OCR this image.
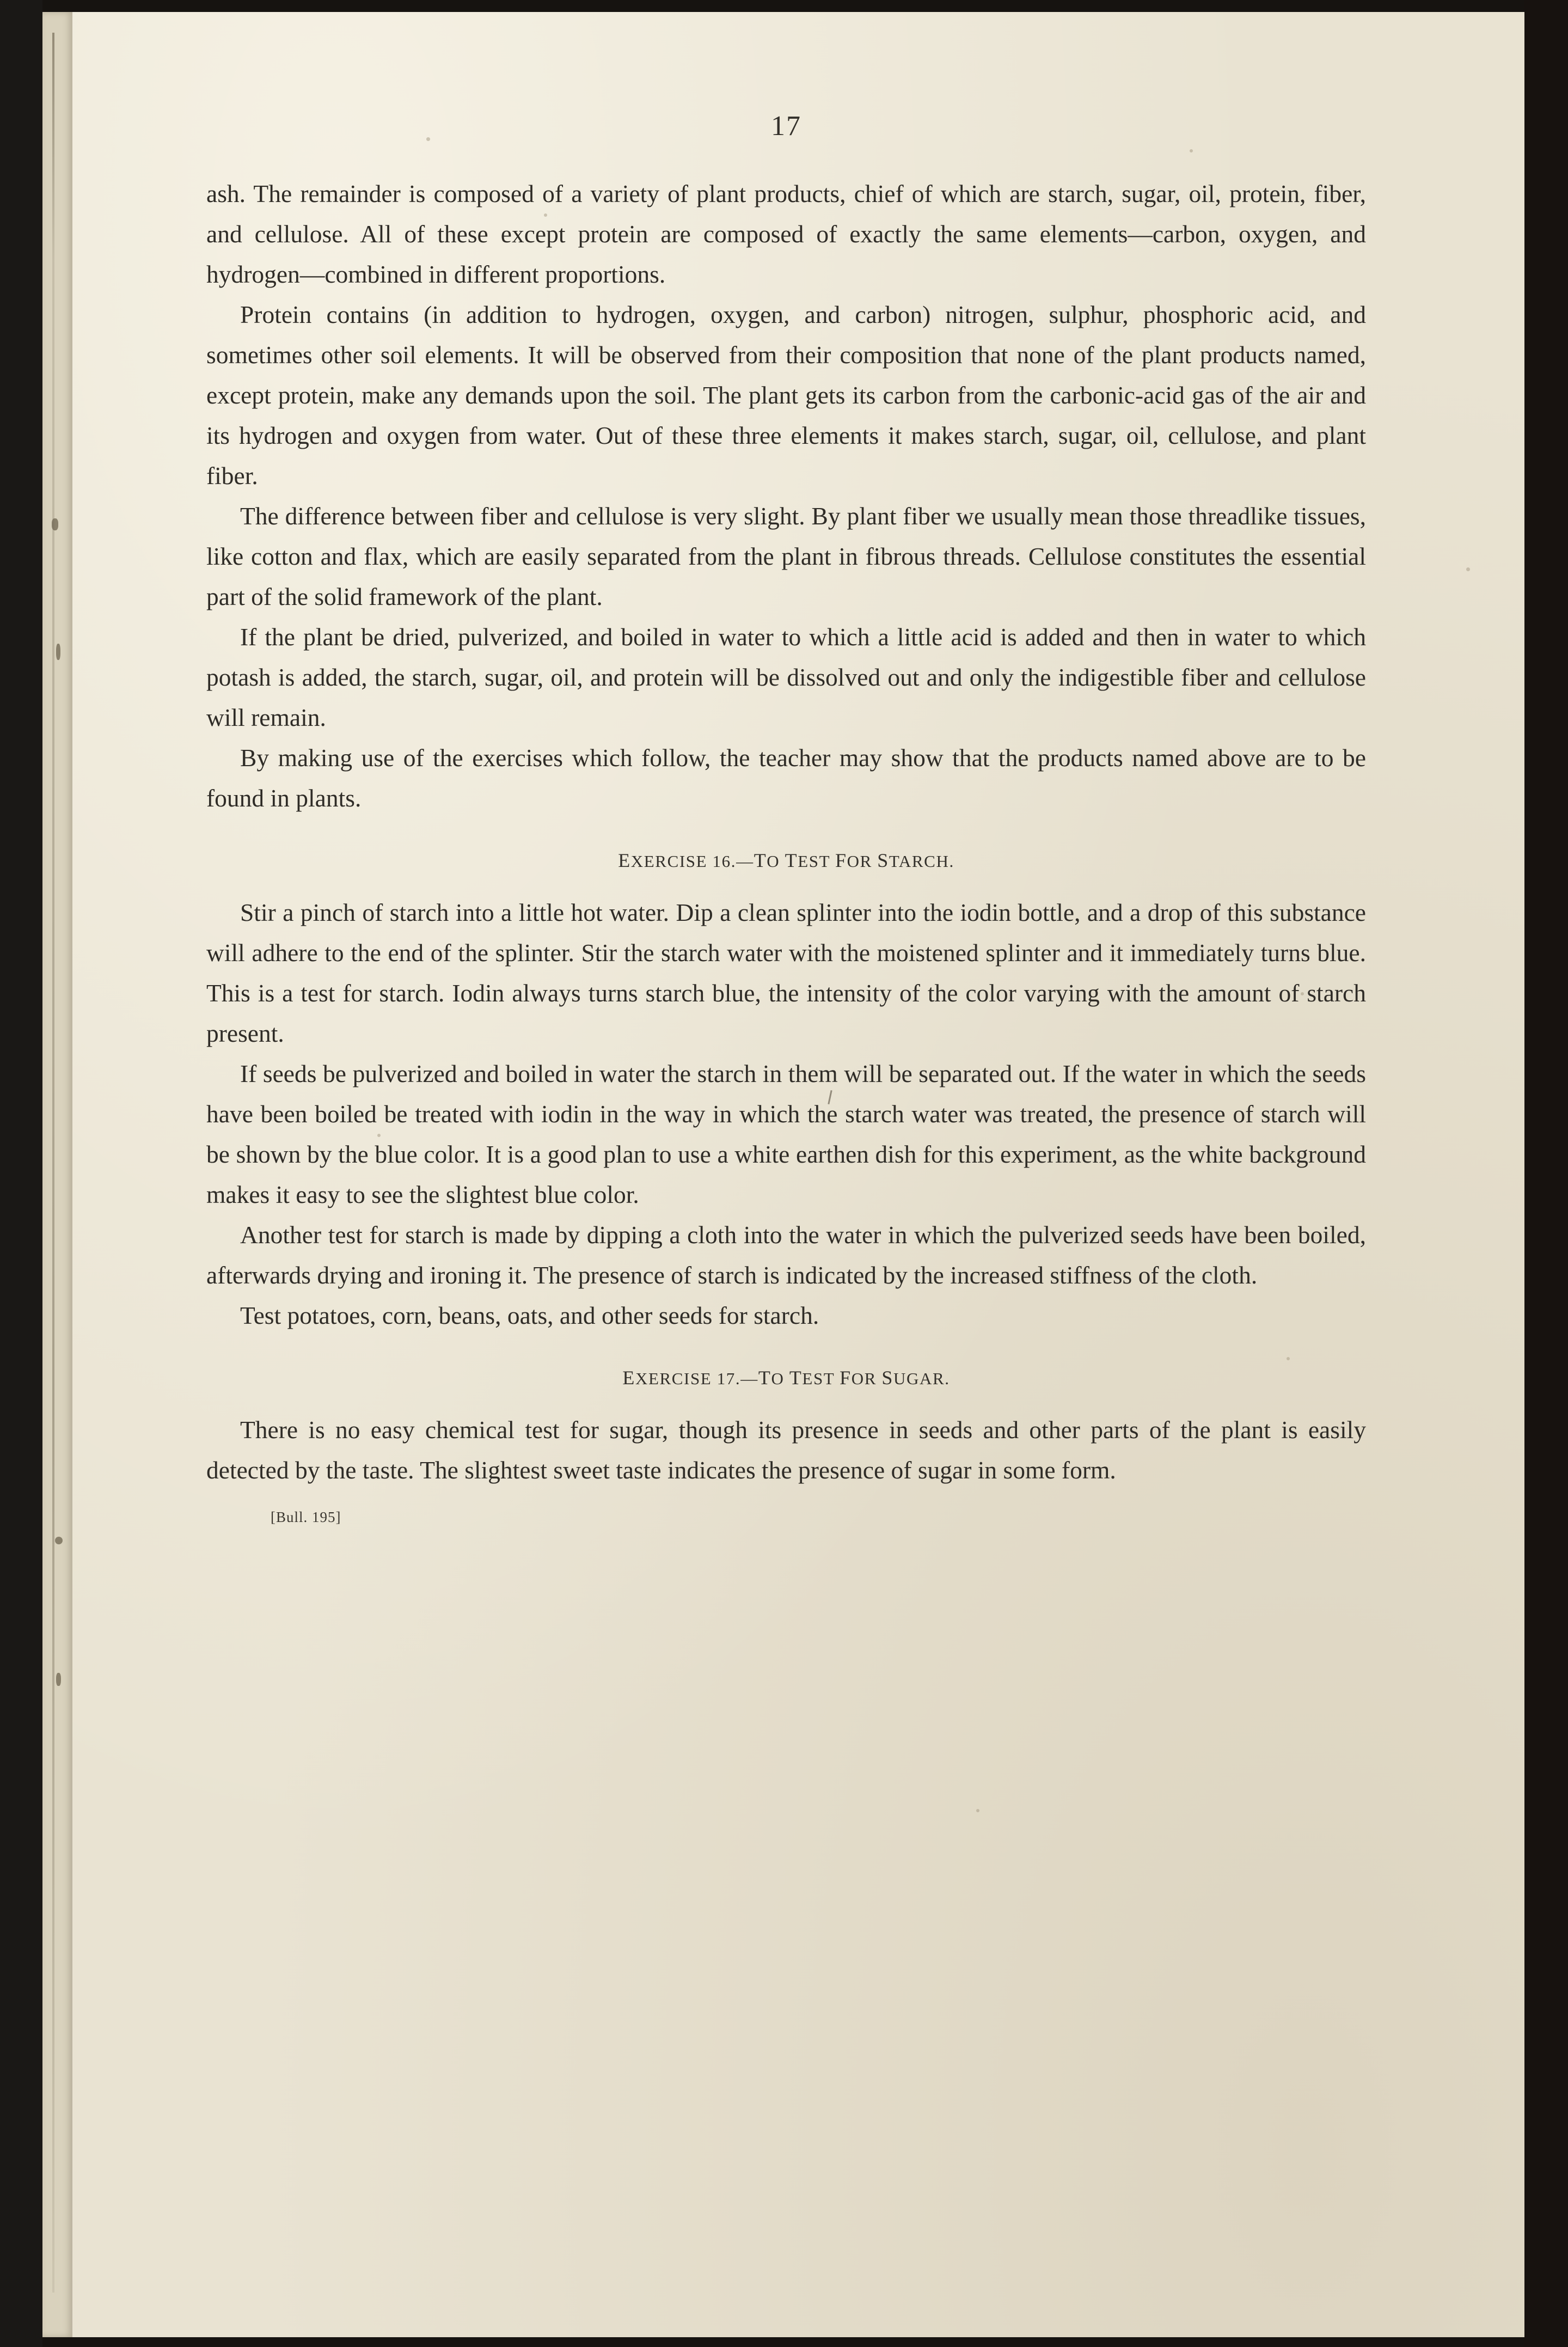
17

ash. The remainder is composed of a variety of plant products, chief of which are starch, sugar, oil, protein, fiber, and cellulose. All of these except protein are composed of exactly the same elements—carbon, oxygen, and hydrogen—combined in different proportions.

Protein contains (in addition to hydrogen, oxygen, and carbon) nitrogen, sulphur, phosphoric acid, and sometimes other soil elements. It will be observed from their composition that none of the plant products named, except protein, make any demands upon the soil. The plant gets its carbon from the carbonic-acid gas of the air and its hydrogen and oxygen from water. Out of these three elements it makes starch, sugar, oil, cellulose, and plant fiber.

The difference between fiber and cellulose is very slight. By plant fiber we usually mean those threadlike tissues, like cotton and flax, which are easily separated from the plant in fibrous threads. Cellulose constitutes the essential part of the solid framework of the plant.

If the plant be dried, pulverized, and boiled in water to which a little acid is added and then in water to which potash is added, the starch, sugar, oil, and protein will be dissolved out and only the indigestible fiber and cellulose will remain.

By making use of the exercises which follow, the teacher may show that the products named above are to be found in plants.

EXERCISE 16.—TO TEST FOR STARCH.

Stir a pinch of starch into a little hot water. Dip a clean splinter into the iodin bottle, and a drop of this substance will adhere to the end of the splinter. Stir the starch water with the moistened splinter and it immediately turns blue. This is a test for starch. Iodin always turns starch blue, the intensity of the color varying with the amount of starch present.

If seeds be pulverized and boiled in water the starch in them will be separated out. If the water in which the seeds have been boiled be treated with iodin in the way in which the starch water was treated, the presence of starch will be shown by the blue color. It is a good plan to use a white earthen dish for this experiment, as the white background makes it easy to see the slightest blue color.

Another test for starch is made by dipping a cloth into the water in which the pulverized seeds have been boiled, afterwards drying and ironing it. The presence of starch is indicated by the increased stiffness of the cloth.

Test potatoes, corn, beans, oats, and other seeds for starch.

EXERCISE 17.—TO TEST FOR SUGAR.

There is no easy chemical test for sugar, though its presence in seeds and other parts of the plant is easily detected by the taste. The slightest sweet taste indicates the presence of sugar in some form.

[Bull. 195]
